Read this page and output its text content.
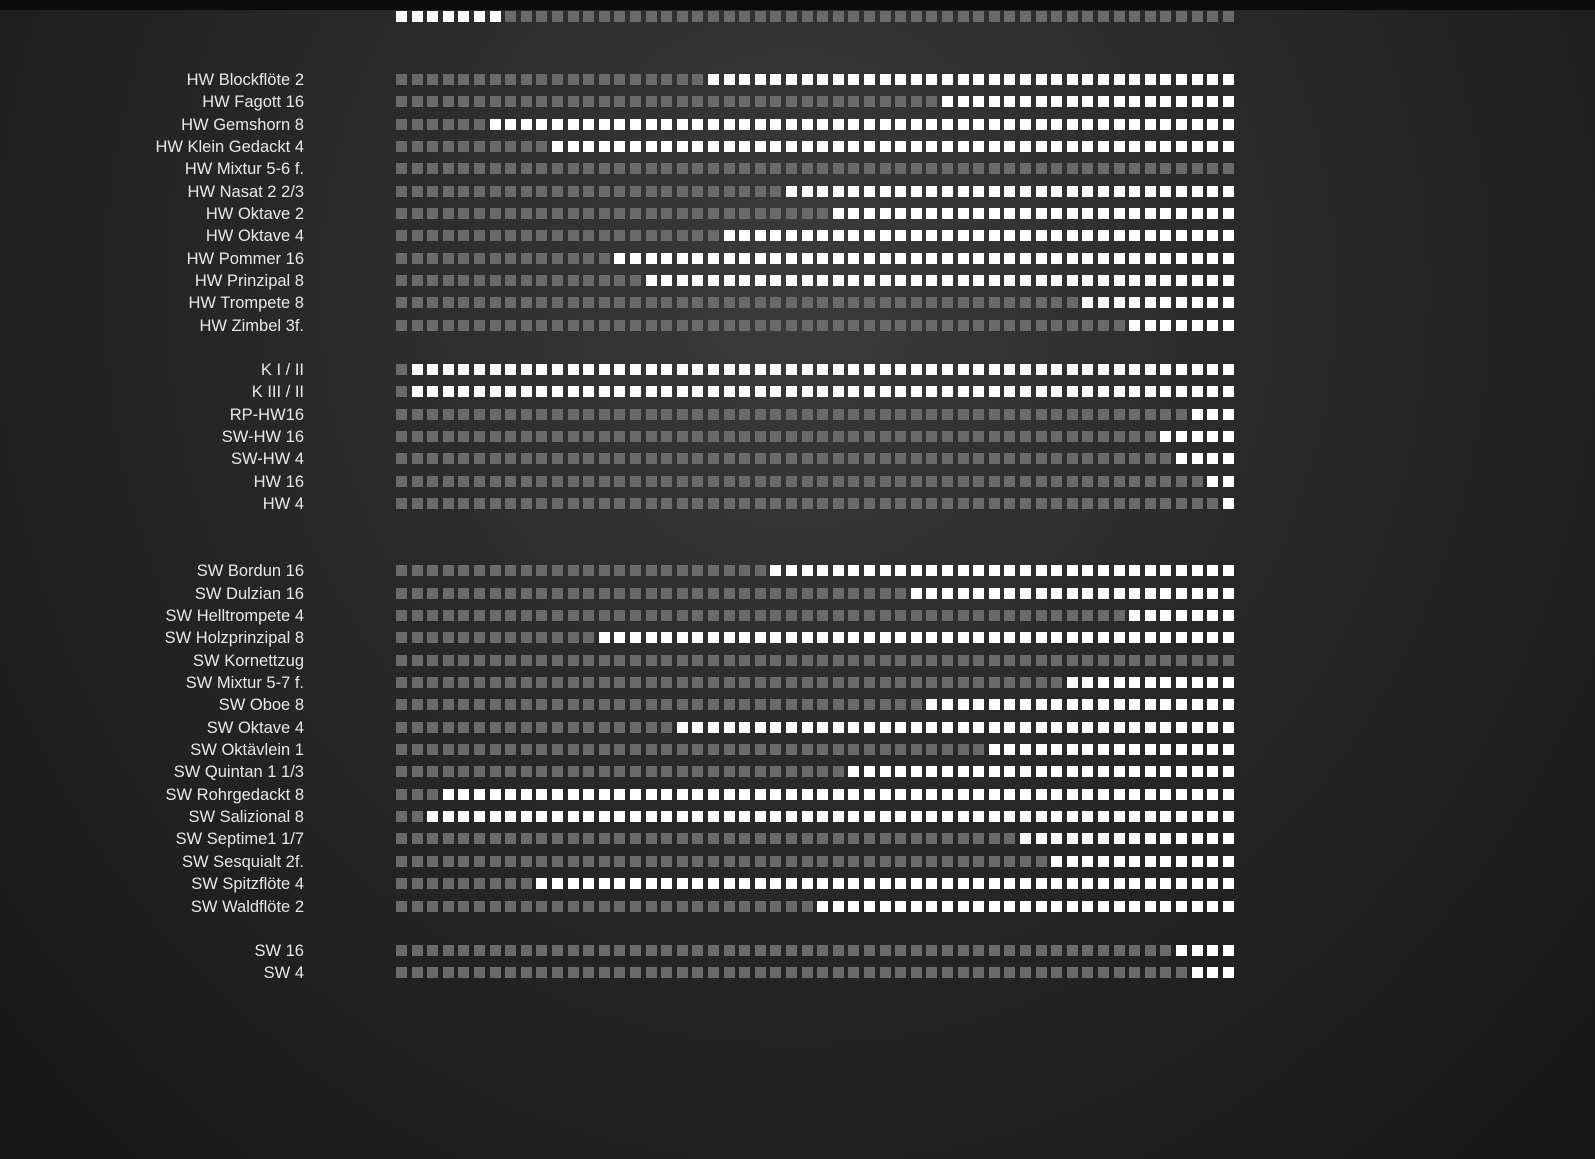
HW Blockflöte 2
HW Fagott 16
HW Gemshorn 8
HW Klein Gedackt 4
HW Mixtur 5-6 f.
HW Nasat 2 2/3
HW Oktave 2
HW Oktave 4
HW Pommer 16
HW Prinzipal 8
HW Trompete 8
HW Zimbel 3f.
K I / II
K III / II
RP-HW16
SW-HW 16
SW-HW 4
HW 16
HW 4
SW Bordun 16
SW Dulzian 16
SW Helltrompete 4
SW Holzprinzipal 8
SW Kornettzug
SW Mixtur 5-7 f.
SW Oboe 8
SW Oktave 4
SW Oktävlein 1
SW Quintan 1 1/3
SW Rohrgedackt 8
SW Salizional 8
SW Septime1 1/7
SW Sesquialt 2f.
SW Spitzflöte 4
SW Waldflöte 2
SW 16
SW 4
